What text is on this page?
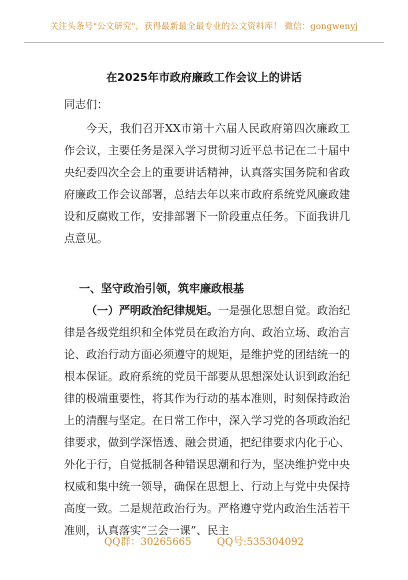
关注头条号"公文研究"，获得最新最全最专业的公文资料库！ 微信：gongwenyj
在2025年市政府廉政工作会议上的讲话
同志们：

今天，我们召开XX市第十六届人民政府第四次廉政工作会议，主要任务是深入学习贯彻习近平总书记在二十届中央纪委四次全会上的重要讲话精神，认真落实国务院和省政府廉政工作会议部署，总结去年以来市政府系统党风廉政建设和反腐败工作，安排部署下一阶段重点任务。下面我讲几点意见。

一、坚守政治引领，筑牢廉政根基

（一）严明政治纪律规矩。一是强化思想自觉。政治纪律是各级党组织和全体党员在政治方向、政治立场、政治言论、政治行动方面必须遵守的规矩，是维护党的团结统一的根本保证。政府系统的党员干部要从思想深处认识到政治纪律的极端重要性，将其作为行动的基本准则，时刻保持政治上的清醒与坚定。在日常工作中，深入学习党的各项政治纪律要求，做到学深悟透、融会贯通，把纪律要求内化于心、外化于行，自觉抵制各种错误思潮和行为，坚决维护党中央权威和集中统一领导，确保在思想上、行动上与党中央保持高度一致。二是规范政治行为。严格遵守党内政治生活若干准则，认真落实“三会一课”、民主

QQ群：30265665        QQ号:535304092
